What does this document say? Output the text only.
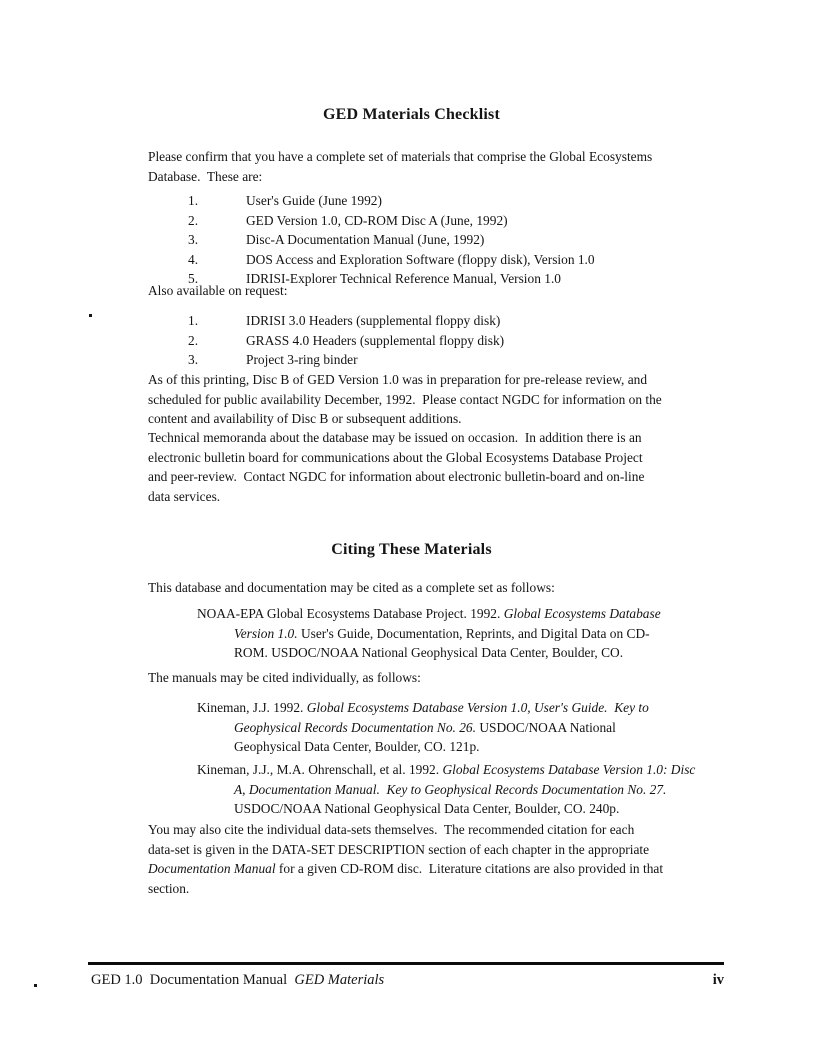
GED Materials Checklist
Please confirm that you have a complete set of materials that comprise the Global Ecosystems
Database.  These are:
1.	User's Guide (June 1992)
2.	GED Version 1.0, CD-ROM Disc A (June, 1992)
3.	Disc-A Documentation Manual (June, 1992)
4.	DOS Access and Exploration Software (floppy disk), Version 1.0
5.	IDRISI-Explorer Technical Reference Manual, Version 1.0
Also available on request:
1.	IDRISI 3.0 Headers (supplemental floppy disk)
2.	GRASS 4.0 Headers (supplemental floppy disk)
3.	Project 3-ring binder
As of this printing, Disc B of GED Version 1.0 was in preparation for pre-release review, and
scheduled for public availability December, 1992.  Please contact NGDC for information on the
content and availability of Disc B or subsequent additions.
Technical memoranda about the database may be issued on occasion.  In addition there is an
electronic bulletin board for communications about the Global Ecosystems Database Project
and peer-review.  Contact NGDC for information about electronic bulletin-board and on-line
data services.
Citing These Materials
This database and documentation may be cited as a complete set as follows:
NOAA-EPA Global Ecosystems Database Project. 1992. Global Ecosystems Database
Version 1.0. User's Guide, Documentation, Reprints, and Digital Data on CD-
ROM. USDOC/NOAA National Geophysical Data Center, Boulder, CO.
The manuals may be cited individually, as follows:
Kineman, J.J. 1992. Global Ecosystems Database Version 1.0, User's Guide.  Key to
Geophysical Records Documentation No. 26. USDOC/NOAA National
Geophysical Data Center, Boulder, CO. 121p.
Kineman, J.J., M.A. Ohrenschall, et al. 1992. Global Ecosystems Database Version 1.0: Disc
A, Documentation Manual.  Key to Geophysical Records Documentation No. 27.
USDOC/NOAA National Geophysical Data Center, Boulder, CO. 240p.
You may also cite the individual data-sets themselves.  The recommended citation for each
data-set is given in the DATA-SET DESCRIPTION section of each chapter in the appropriate
Documentation Manual for a given CD-ROM disc.  Literature citations are also provided in that
section.
GED 1.0  Documentation Manual  GED Materials	iv
